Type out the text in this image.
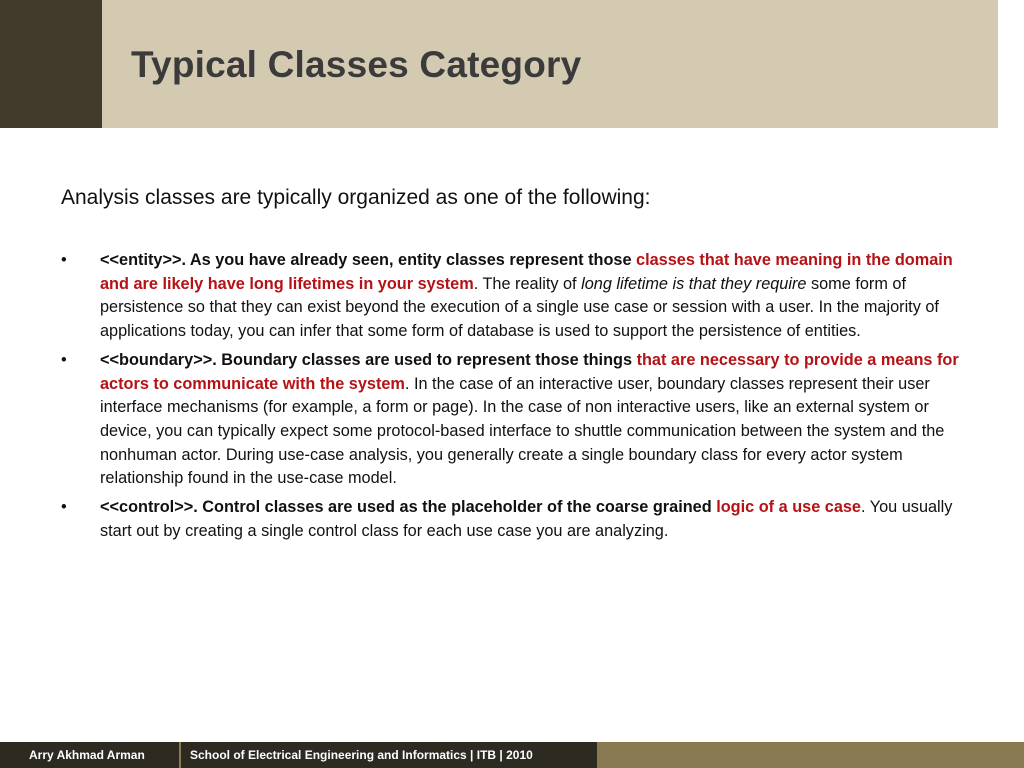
Typical Classes Category

Analysis classes are typically organized as one of the following:

•	<<entity>>. As you have already seen, entity classes represent those classes that have meaning in the domain and are likely have long lifetimes in your system. The reality of long lifetime is that they require some form of persistence so that they can exist beyond the execution of a single use case or session with a user. In the majority of applications today, you can infer that some form of database is used to support the persistence of entities.
•	<<boundary>>. Boundary classes are used to represent those things that are necessary to provide a means for actors to communicate with the system. In the case of an interactive user, boundary classes represent their user interface mechanisms (for example, a form or page). In the case of non interactive users, like an external system or device, you can typically expect some protocol-based interface to shuttle communication between the system and the nonhuman actor. During use-case analysis, you generally create a single boundary class for every actor system relationship found in the use-case model.
•	<<control>>. Control classes are used as the placeholder of the coarse grained logic of a use case. You usually start out by creating a single control class for each use case you are analyzing.
Arry Akhmad Arman	School of Electrical Engineering and Informatics | ITB | 2010
